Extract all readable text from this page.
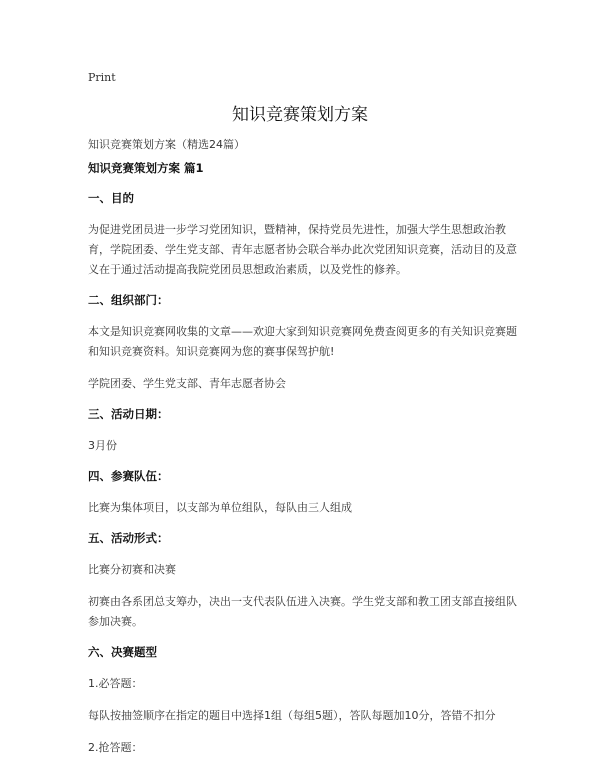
Print
知识竞赛策划方案
知识竞赛策划方案（精选24篇）
知识竞赛策划方案 篇1
一、目的
为促进党团员进一步学习党团知识，暨精神，保持党员先进性，加强大学生思想政治教育，学院团委、学生党支部、青年志愿者协会联合举办此次党团知识竞赛，活动目的及意义在于通过活动提高我院党团员思想政治素质，以及党性的修养。
二、组织部门：
本文是知识竞赛网收集的文章——欢迎大家到知识竞赛网免费查阅更多的有关知识竞赛题和知识竞赛资料。知识竞赛网为您的赛事保驾护航!
学院团委、学生党支部、青年志愿者协会
三、活动日期：
3月份
四、参赛队伍：
比赛为集体项目，以支部为单位组队，每队由三人组成
五、活动形式：
比赛分初赛和决赛
初赛由各系团总支筹办，决出一支代表队伍进入决赛。学生党支部和教工团支部直接组队参加决赛。
六、决赛题型
1.必答题：
每队按抽签顺序在指定的题目中选择1组（每组5题），答队每题加10分，答错不扣分
2.抢答题：
